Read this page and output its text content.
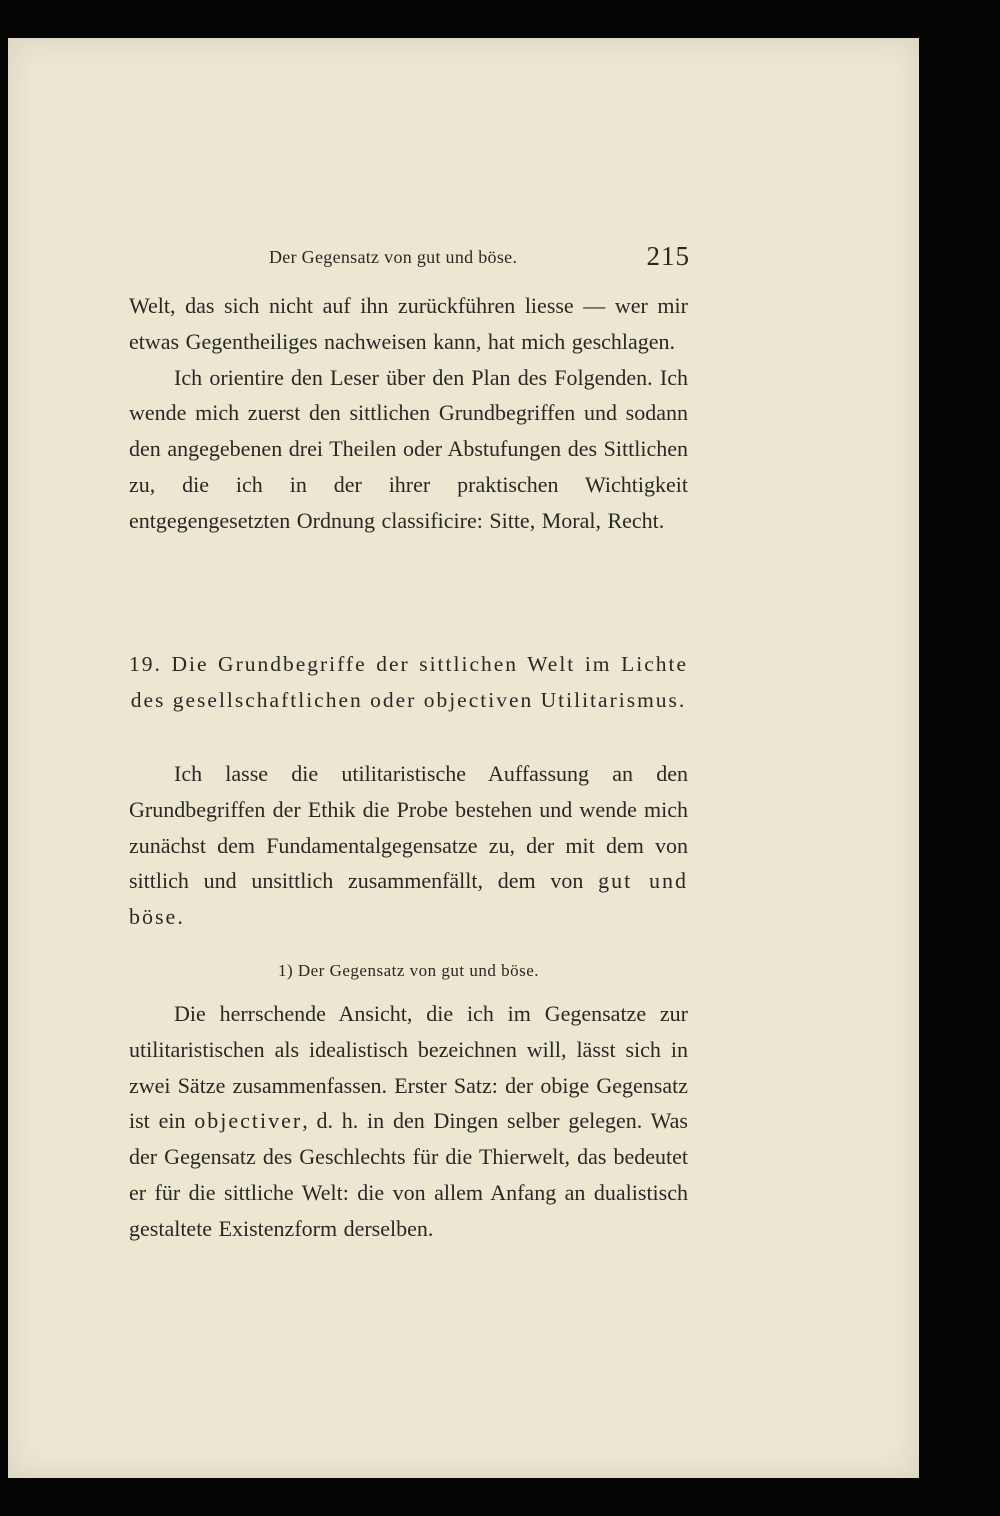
Der Gegensatz von gut und böse.	215

Welt, das sich nicht auf ihn zurückführen liesse — wer mir etwas Gegentheiliges nachweisen kann, hat mich geschlagen.

Ich orientire den Leser über den Plan des Folgenden. Ich wende mich zuerst den sittlichen Grundbegriffen und sodann den angegebenen drei Theilen oder Abstufungen des Sittlichen zu, die ich in der ihrer praktischen Wichtigkeit entgegengesetzten Ordnung classificire: Sitte, Moral, Recht.

19. Die Grundbegriffe der sittlichen Welt im Lichte des gesellschaftlichen oder objectiven Utilitarismus.

Ich lasse die utilitaristische Auffassung an den Grundbegriffen der Ethik die Probe bestehen und wende mich zunächst dem Fundamentalgegensatze zu, der mit dem von sittlich und unsittlich zusammenfällt, dem von gut und böse.

1) Der Gegensatz von gut und böse.

Die herrschende Ansicht, die ich im Gegensatze zur utilitaristischen als idealistisch bezeichnen will, lässt sich in zwei Sätze zusammenfassen. Erster Satz: der obige Gegensatz ist ein objectiver, d. h. in den Dingen selber gelegen. Was der Gegensatz des Geschlechts für die Thierwelt, das bedeutet er für die sittliche Welt: die von allem Anfang an dualistisch gestaltete Existenzform derselben.
